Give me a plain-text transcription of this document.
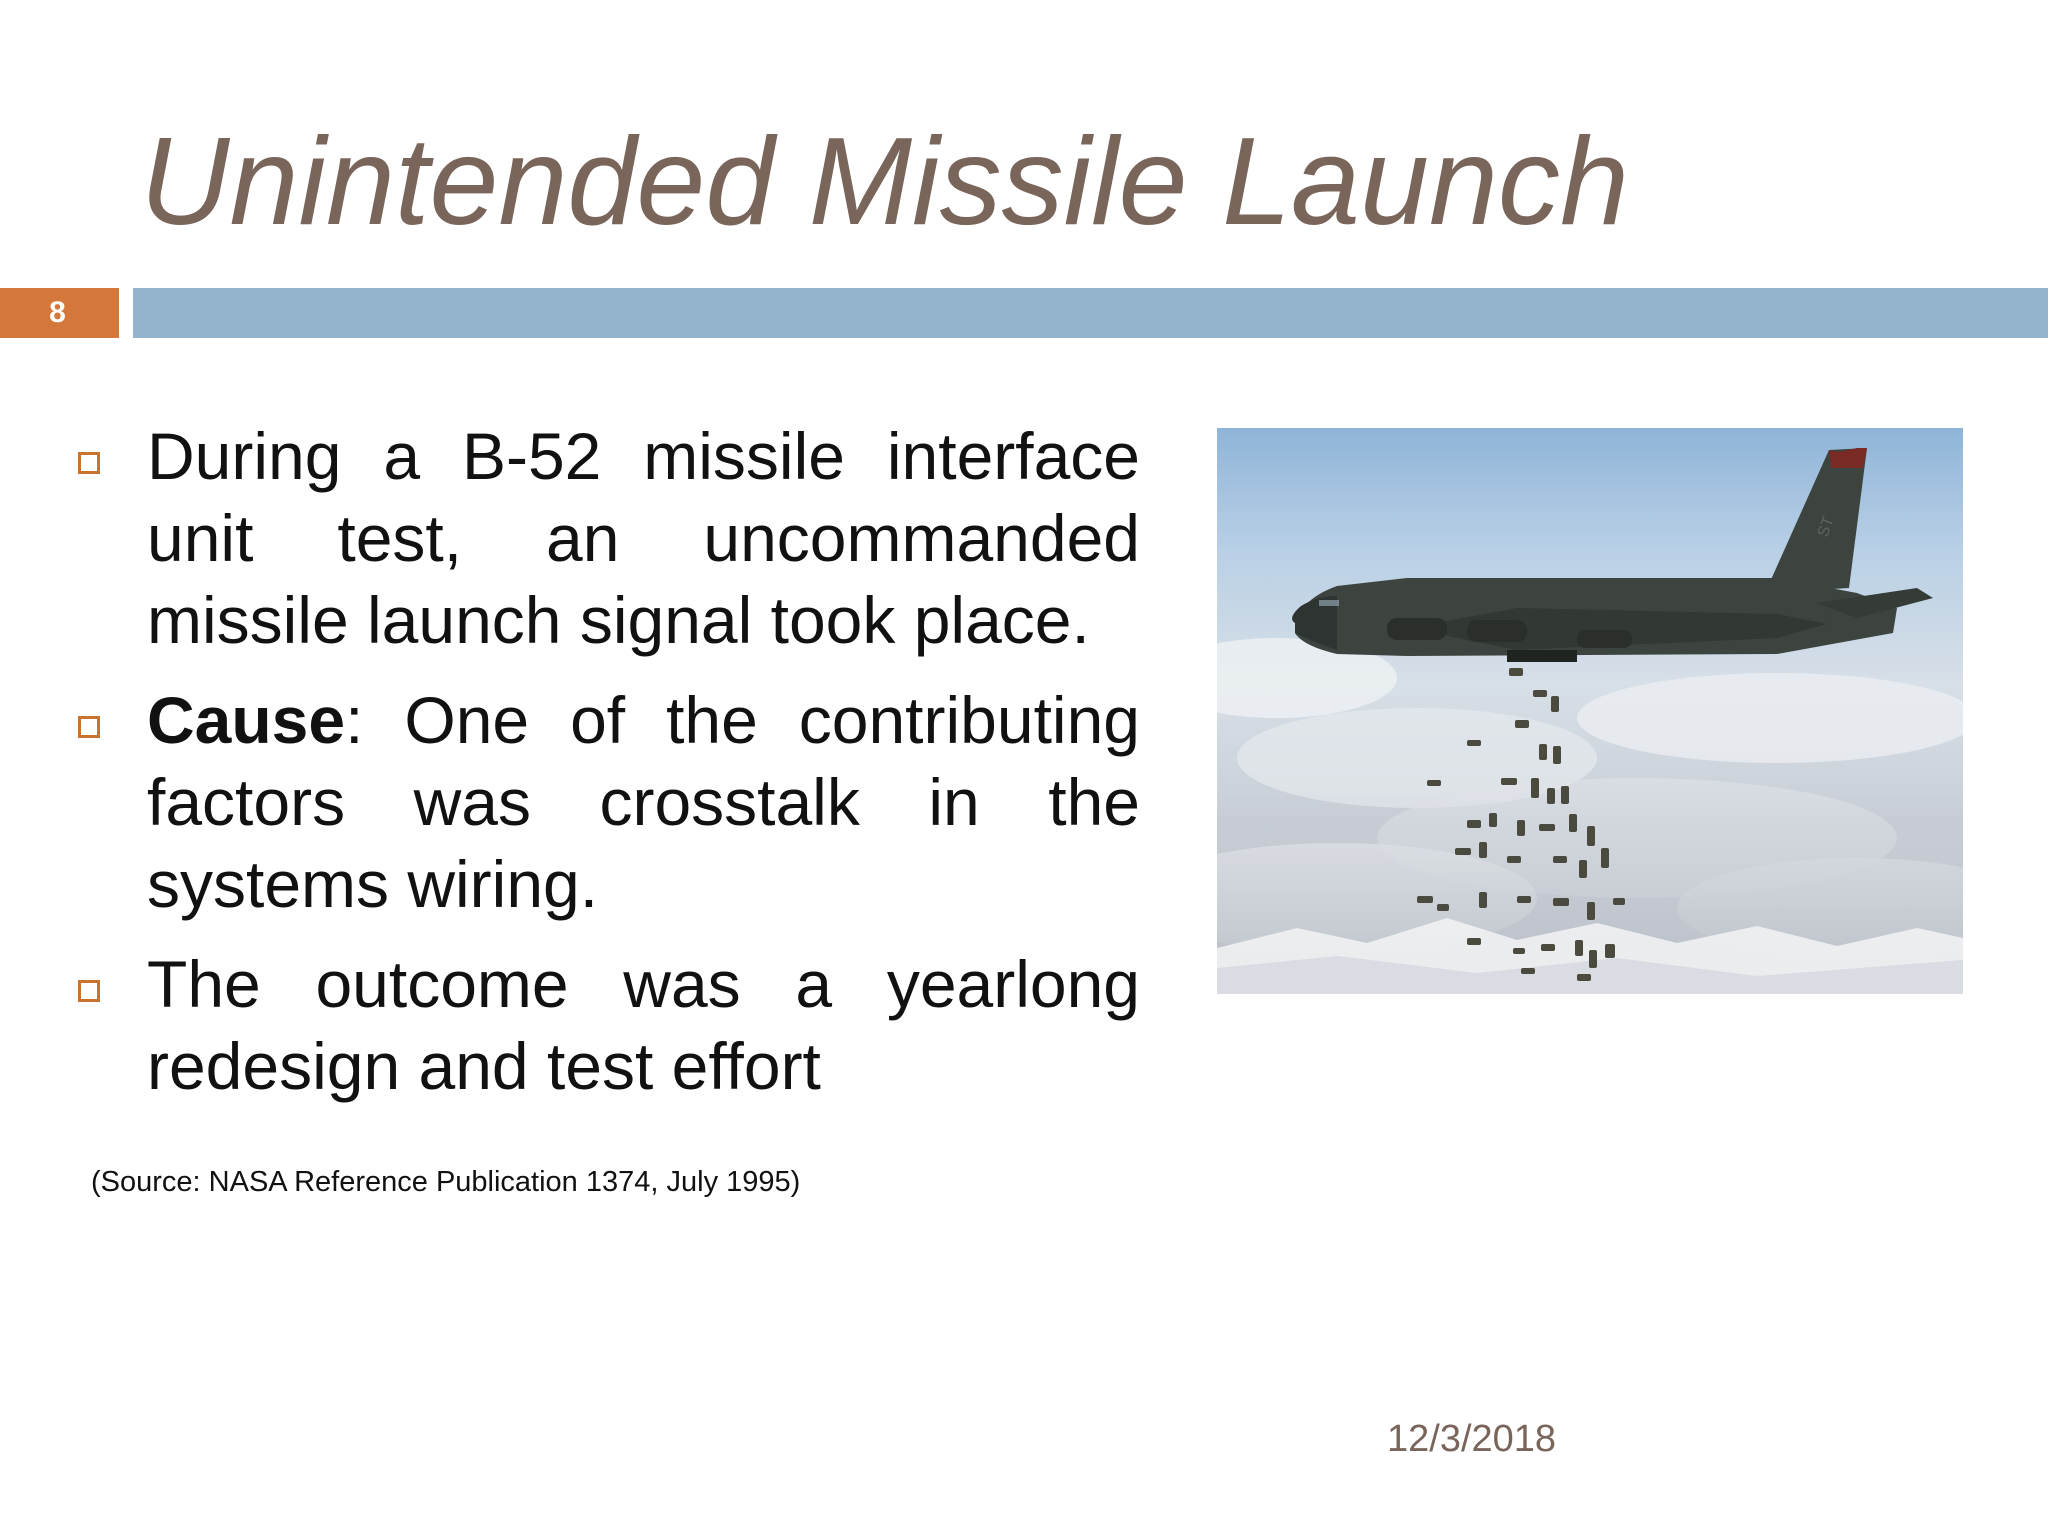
Unintended Missile Launch
8
During a B-52 missile interface unit test, an uncommanded missile launch signal took place.
Cause: One of the contributing factors was crosstalk in the systems wiring.
The outcome was a yearlong redesign and test effort
(Source: NASA Reference Publication 1374, July 1995)
ST
12/3/2018
